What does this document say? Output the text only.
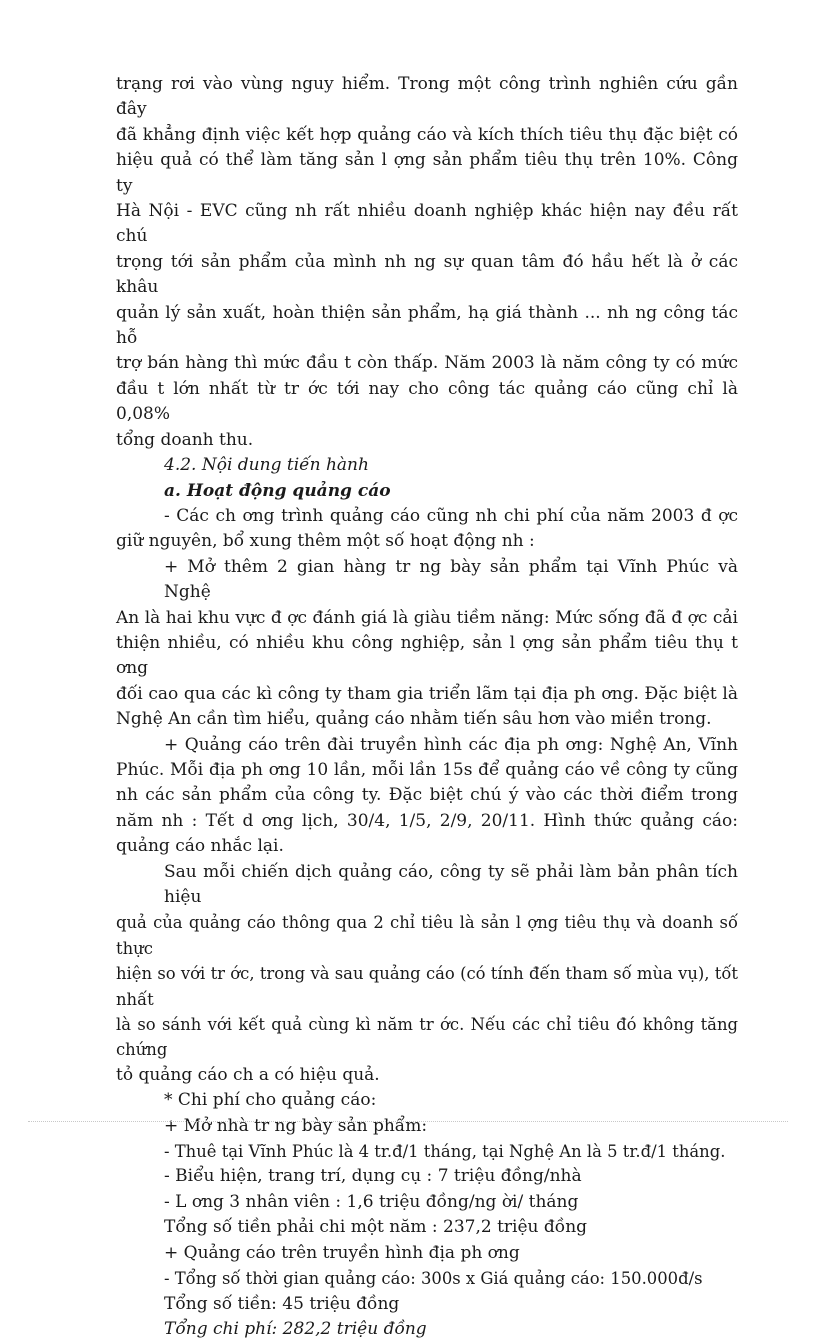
trạng rơi vào vùng nguy hiểm. Trong một công trình nghiên cứu gần đây
đã khẳng định việc kết hợp quảng cáo và kích thích tiêu thụ đặc biệt có
hiệu quả có thể làm tăng sản l ợng sản phẩm tiêu thụ trên 10%. Công ty
Hà Nội - EVC cũng nh rất nhiều doanh nghiệp khác hiện nay đều rất chú
trọng tới sản phẩm của mình nh ng sự quan tâm đó hầu hết là ở các khâu
quản lý sản xuất, hoàn thiện sản phẩm, hạ giá thành ... nh ng công tác hỗ
trợ bán hàng thì mức đầu t còn thấp. Năm 2003 là năm công ty có mức
đầu t lớn nhất từ tr ớc tới nay cho công tác quảng cáo cũng chỉ là 0,08%
tổng doanh thu.
4.2. Nội dung tiến hành
a. Hoạt động quảng cáo
- Các ch ơng trình quảng cáo cũng nh chi phí của năm 2003 đ ợc
giữ nguyên, bổ xung thêm một số hoạt động nh :
+ Mở thêm 2 gian hàng tr ng bày sản phẩm tại Vĩnh Phúc và Nghệ
An là hai khu vực đ ợc đánh giá là giàu tiềm năng: Mức sống đã đ ợc cải
thiện nhiều, có nhiều khu công nghiệp, sản l ợng sản phẩm tiêu thụ t ơng
đối cao qua các kì công ty tham gia triển lãm tại địa ph ơng. Đặc biệt là
Nghệ An cần tìm hiểu, quảng cáo nhằm tiến sâu hơn vào miền trong.
+ Quảng cáo trên đài truyền hình các địa ph ơng: Nghệ An, Vĩnh
Phúc. Mỗi địa ph ơng 10 lần, mỗi lần 15s để quảng cáo về công ty cũng
nh các sản phẩm của công ty. Đặc biệt chú ý vào các thời điểm trong
năm nh : Tết d ơng lịch, 30/4, 1/5, 2/9, 20/11. Hình thức quảng cáo:
quảng cáo nhắc lại.
Sau mỗi chiến dịch quảng cáo, công ty sẽ phải làm bản phân tích hiệu
quả của quảng cáo thông qua 2 chỉ tiêu là sản l ợng tiêu thụ và doanh số thực
hiện so với tr ớc, trong và sau quảng cáo (có tính đến tham số mùa vụ), tốt nhất
là so sánh với kết quả cùng kì năm tr ớc. Nếu các chỉ tiêu đó không tăng chứng
tỏ quảng cáo ch a có hiệu quả.
* Chi phí cho quảng cáo:
+ Mở nhà tr ng bày sản phẩm:
- Thuê tại Vĩnh Phúc là 4 tr.đ/1 tháng, tại Nghệ An là 5 tr.đ/1 tháng.
- Biểu hiện, trang trí, dụng cụ : 7 triệu đồng/nhà
- L ơng 3 nhân viên : 1,6 triệu đồng/ng ời/ tháng
Tổng số tiền phải chi một năm : 237,2 triệu đồng
+ Quảng cáo trên truyền hình địa ph ơng
- Tổng số thời gian quảng cáo: 300s x Giá quảng cáo: 150.000đ/s
Tổng số tiền: 45 triệu đồng
Tổng chi phí: 282,2 triệu đồng
